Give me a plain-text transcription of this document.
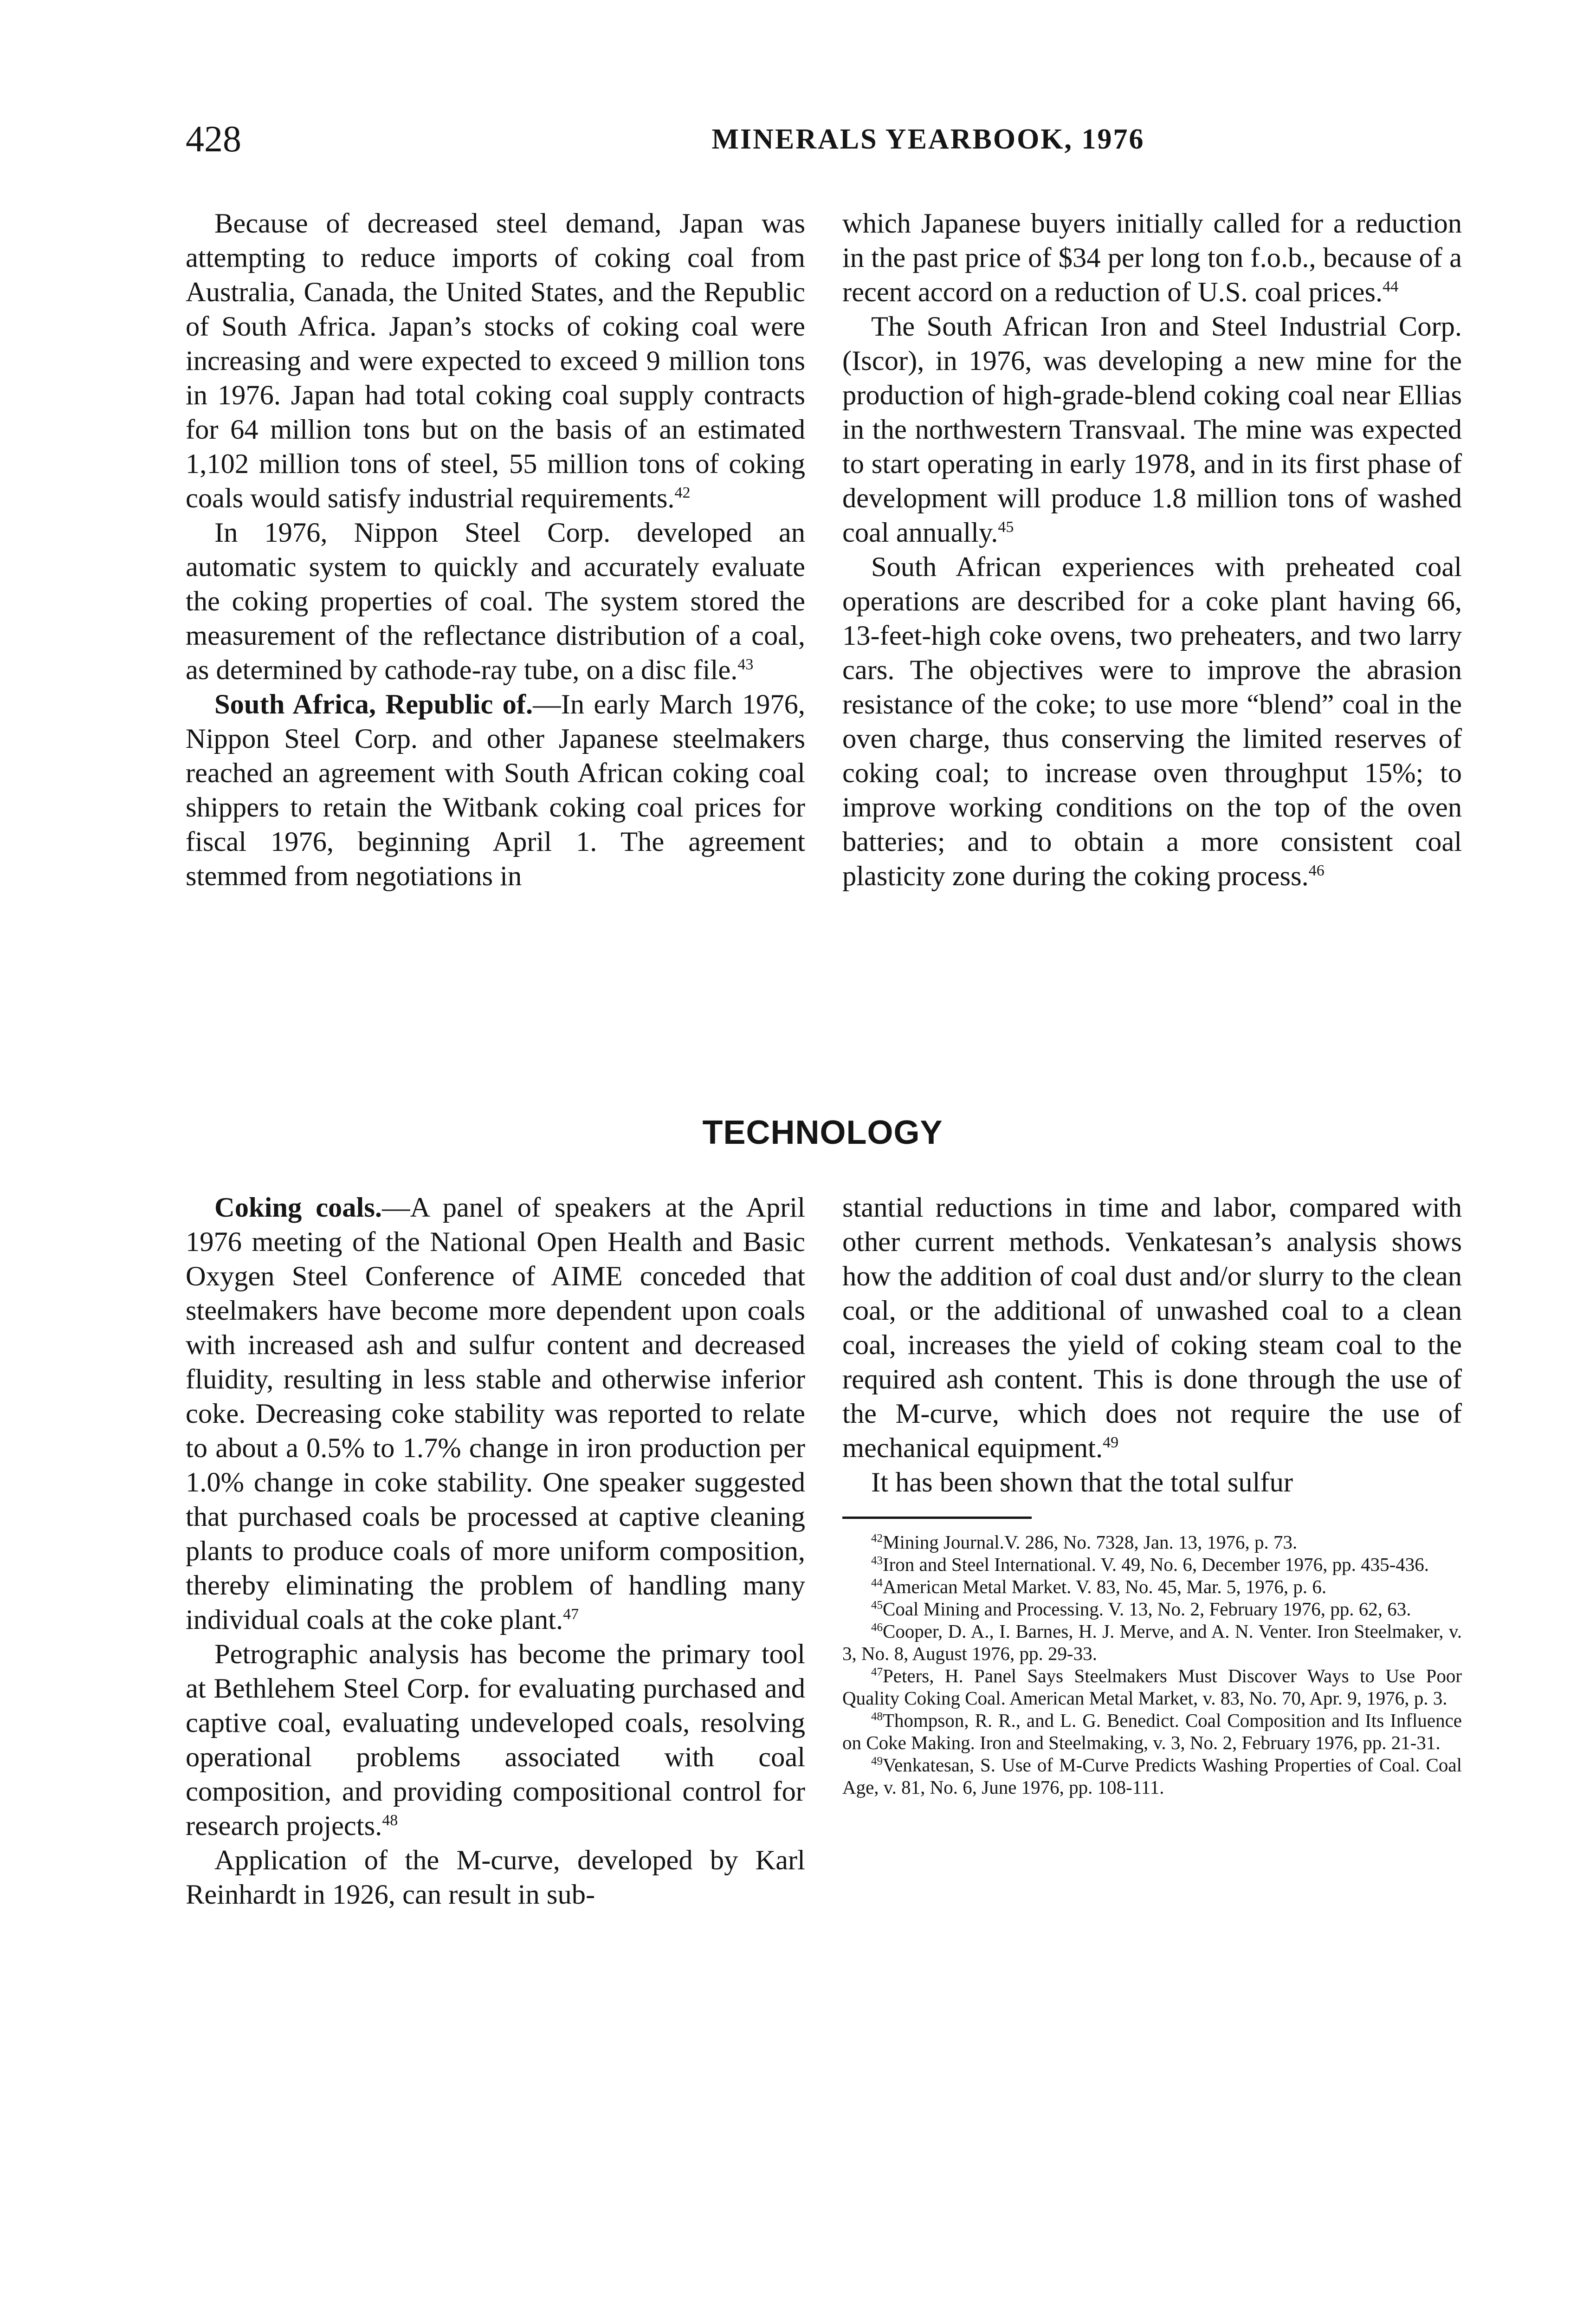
428	MINERALS YEARBOOK, 1976

Because of decreased steel demand, Japan was attempting to reduce imports of coking coal from Australia, Canada, the United States, and the Republic of South Africa. Japan’s stocks of coking coal were increasing and were expected to exceed 9 million tons in 1976. Japan had total coking coal supply contracts for 64 million tons but on the basis of an estimated 1,102 million tons of steel, 55 million tons of coking coals would satisfy industrial requirements.$^{42}$

In 1976, Nippon Steel Corp. developed an automatic system to quickly and accurately evaluate the coking properties of coal. The system stored the measurement of the reflectance distribution of a coal, as determined by cathode-ray tube, on a disc file.$^{43}$

South Africa, Republic of.—In early March 1976, Nippon Steel Corp. and other Japanese steelmakers reached an agreement with South African coking coal shippers to retain the Witbank coking coal prices for fiscal 1976, beginning April 1. The agreement stemmed from negotiations in

which Japanese buyers initially called for a reduction in the past price of $34 per long ton f.o.b., because of a recent accord on a reduction of U.S. coal prices.$^{44}$

The South African Iron and Steel Industrial Corp. (Iscor), in 1976, was developing a new mine for the production of high-grade-blend coking coal near Ellias in the northwestern Transvaal. The mine was expected to start operating in early 1978, and in its first phase of development will produce 1.8 million tons of washed coal annually.$^{45}$

South African experiences with preheated coal operations are described for a coke plant having 66, 13-feet-high coke ovens, two preheaters, and two larry cars. The objectives were to improve the abrasion resistance of the coke; to use more “blend” coal in the oven charge, thus conserving the limited reserves of coking coal; to increase oven throughput 15%; to improve working conditions on the top of the oven batteries; and to obtain a more consistent coal plasticity zone during the coking process.$^{46}$

TECHNOLOGY

Coking coals.—A panel of speakers at the April 1976 meeting of the National Open Health and Basic Oxygen Steel Conference of AIME conceded that steelmakers have become more dependent upon coals with increased ash and sulfur content and decreased fluidity, resulting in less stable and otherwise inferior coke. Decreasing coke stability was reported to relate to about a 0.5% to 1.7% change in iron production per 1.0% change in coke stability. One speaker suggested that purchased coals be processed at captive cleaning plants to produce coals of more uniform composition, thereby eliminating the problem of handling many individual coals at the coke plant.$^{47}$

Petrographic analysis has become the primary tool at Bethlehem Steel Corp. for evaluating purchased and captive coal, evaluating undeveloped coals, resolving operational problems associated with coal composition, and providing compositional control for research projects.$^{48}$

Application of the M-curve, developed by Karl Reinhardt in 1926, can result in sub-

stantial reductions in time and labor, compared with other current methods. Venkatesan’s analysis shows how the addition of coal dust and/or slurry to the clean coal, or the additional of unwashed coal to a clean coal, increases the yield of coking steam coal to the required ash content. This is done through the use of the M-curve, which does not require the use of mechanical equipment.$^{49}$

It has been shown that the total sulfur

$^{42}$Mining Journal.V. 286, No. 7328, Jan. 13, 1976, p. 73.

$^{43}$Iron and Steel International. V. 49, No. 6, December 1976, pp. 435-436.

$^{44}$American Metal Market. V. 83, No. 45, Mar. 5, 1976, p. 6.

$^{45}$Coal Mining and Processing. V. 13, No. 2, February 1976, pp. 62, 63.

$^{46}$Cooper, D. A., I. Barnes, H. J. Merve, and A. N. Venter. Iron Steelmaker, v. 3, No. 8, August 1976, pp. 29-33.

$^{47}$Peters, H. Panel Says Steelmakers Must Discover Ways to Use Poor Quality Coking Coal. American Metal Market, v. 83, No. 70, Apr. 9, 1976, p. 3.

$^{48}$Thompson, R. R., and L. G. Benedict. Coal Composition and Its Influence on Coke Making. Iron and Steelmaking, v. 3, No. 2, February 1976, pp. 21-31.

$^{49}$Venkatesan, S. Use of M-Curve Predicts Washing Properties of Coal. Coal Age, v. 81, No. 6, June 1976, pp. 108-111.
